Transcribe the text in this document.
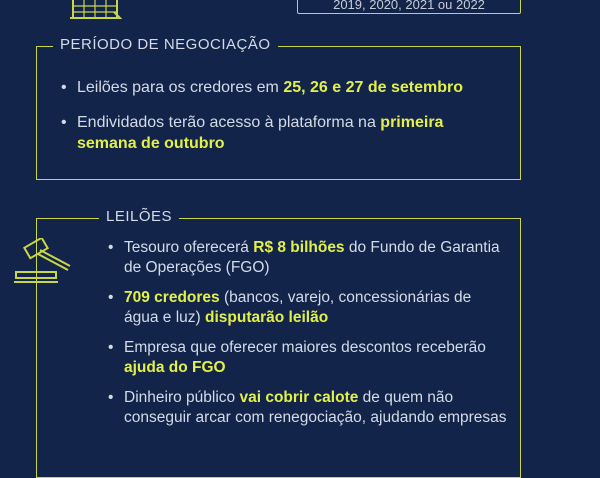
2019, 2020, 2021 ou 2022
PERÍODO DE NEGOCIAÇÃO
• Leilões para os credores em 25, 26 e 27 de setembro
• Endividados terão acesso à plataforma na primeira semana de outubro
LEILÕES
• Tesouro oferecerá R$ 8 bilhões do Fundo de Garantia de Operações (FGO)
• 709 credores (bancos, varejo, concessionárias de água e luz) disputarão leilão
• Empresa que oferecer maiores descontos receberão ajuda do FGO
• Dinheiro público vai cobrir calote de quem não conseguir arcar com renegociação, ajudando empresas
